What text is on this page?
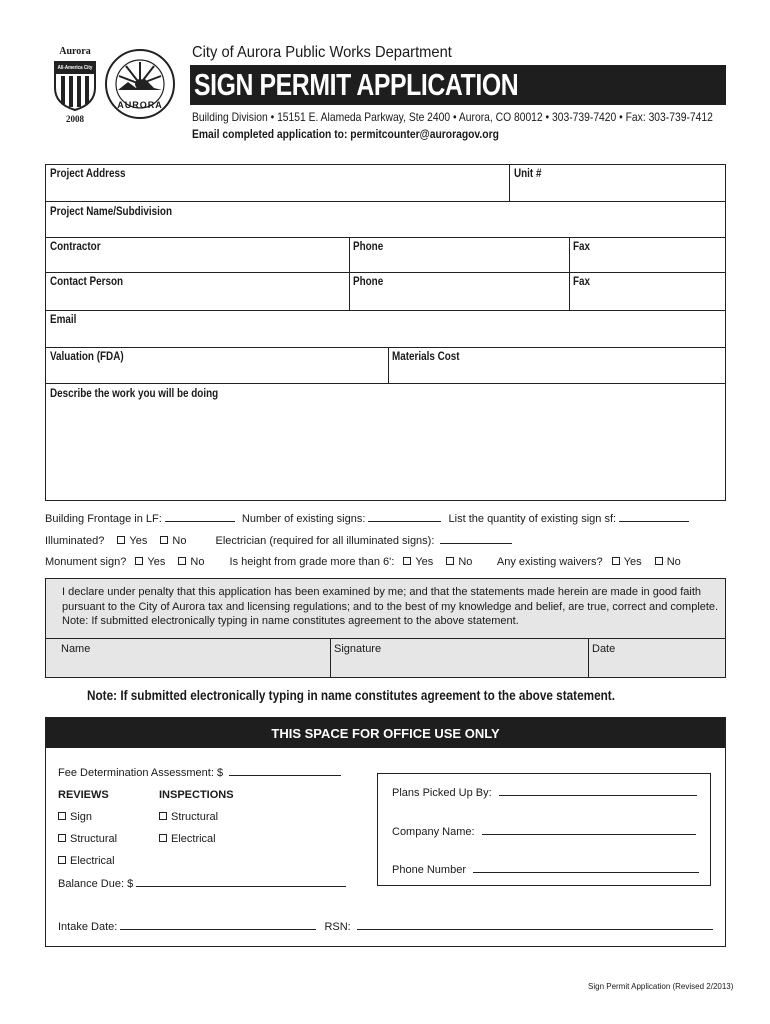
Aurora
All-America City
2008
AURORA
City of Aurora Public Works Department
SIGN PERMIT APPLICATION
Building Division • 15151 E. Alameda Parkway, Ste 2400 • Aurora, CO 80012 • 303-739-7420 • Fax: 303-739-7412
Email completed application to: permitcounter@auroragov.org
Project Address	Unit #
Project Name/Subdivision
Contractor	Phone	Fax
Contact Person	Phone	Fax
Email
Valuation (FDA)	Materials Cost
Describe the work you will be doing
Building Frontage in LF:	Number of existing signs:	List the quantity of existing sign sf:
Illuminated? Yes No	Electrician (required for all illuminated signs):
Monument sign? Yes No Is height from grade more than 6': Yes No Any existing waivers? Yes No
I declare under penalty that this application has been examined by me; and that the statements made herein are made in good faith pursuant to the City of Aurora tax and licensing regulations; and to the best of my knowledge and belief, are true, correct and complete. Note: If submitted electronically typing in name constitutes agreement to the above statement.
Name	Signature	Date
Note: If submitted electronically typing in name constitutes agreement to the above statement.
THIS SPACE FOR OFFICE USE ONLY
Fee Determination Assessment: $
REVIEWS	INSPECTIONS
Sign	Structural
Structural	Electrical
Electrical
Balance Due: $
Plans Picked Up By:
Company Name:
Phone Number
Intake Date:	RSN:
Sign Permit Application (Revised 2/2013)
